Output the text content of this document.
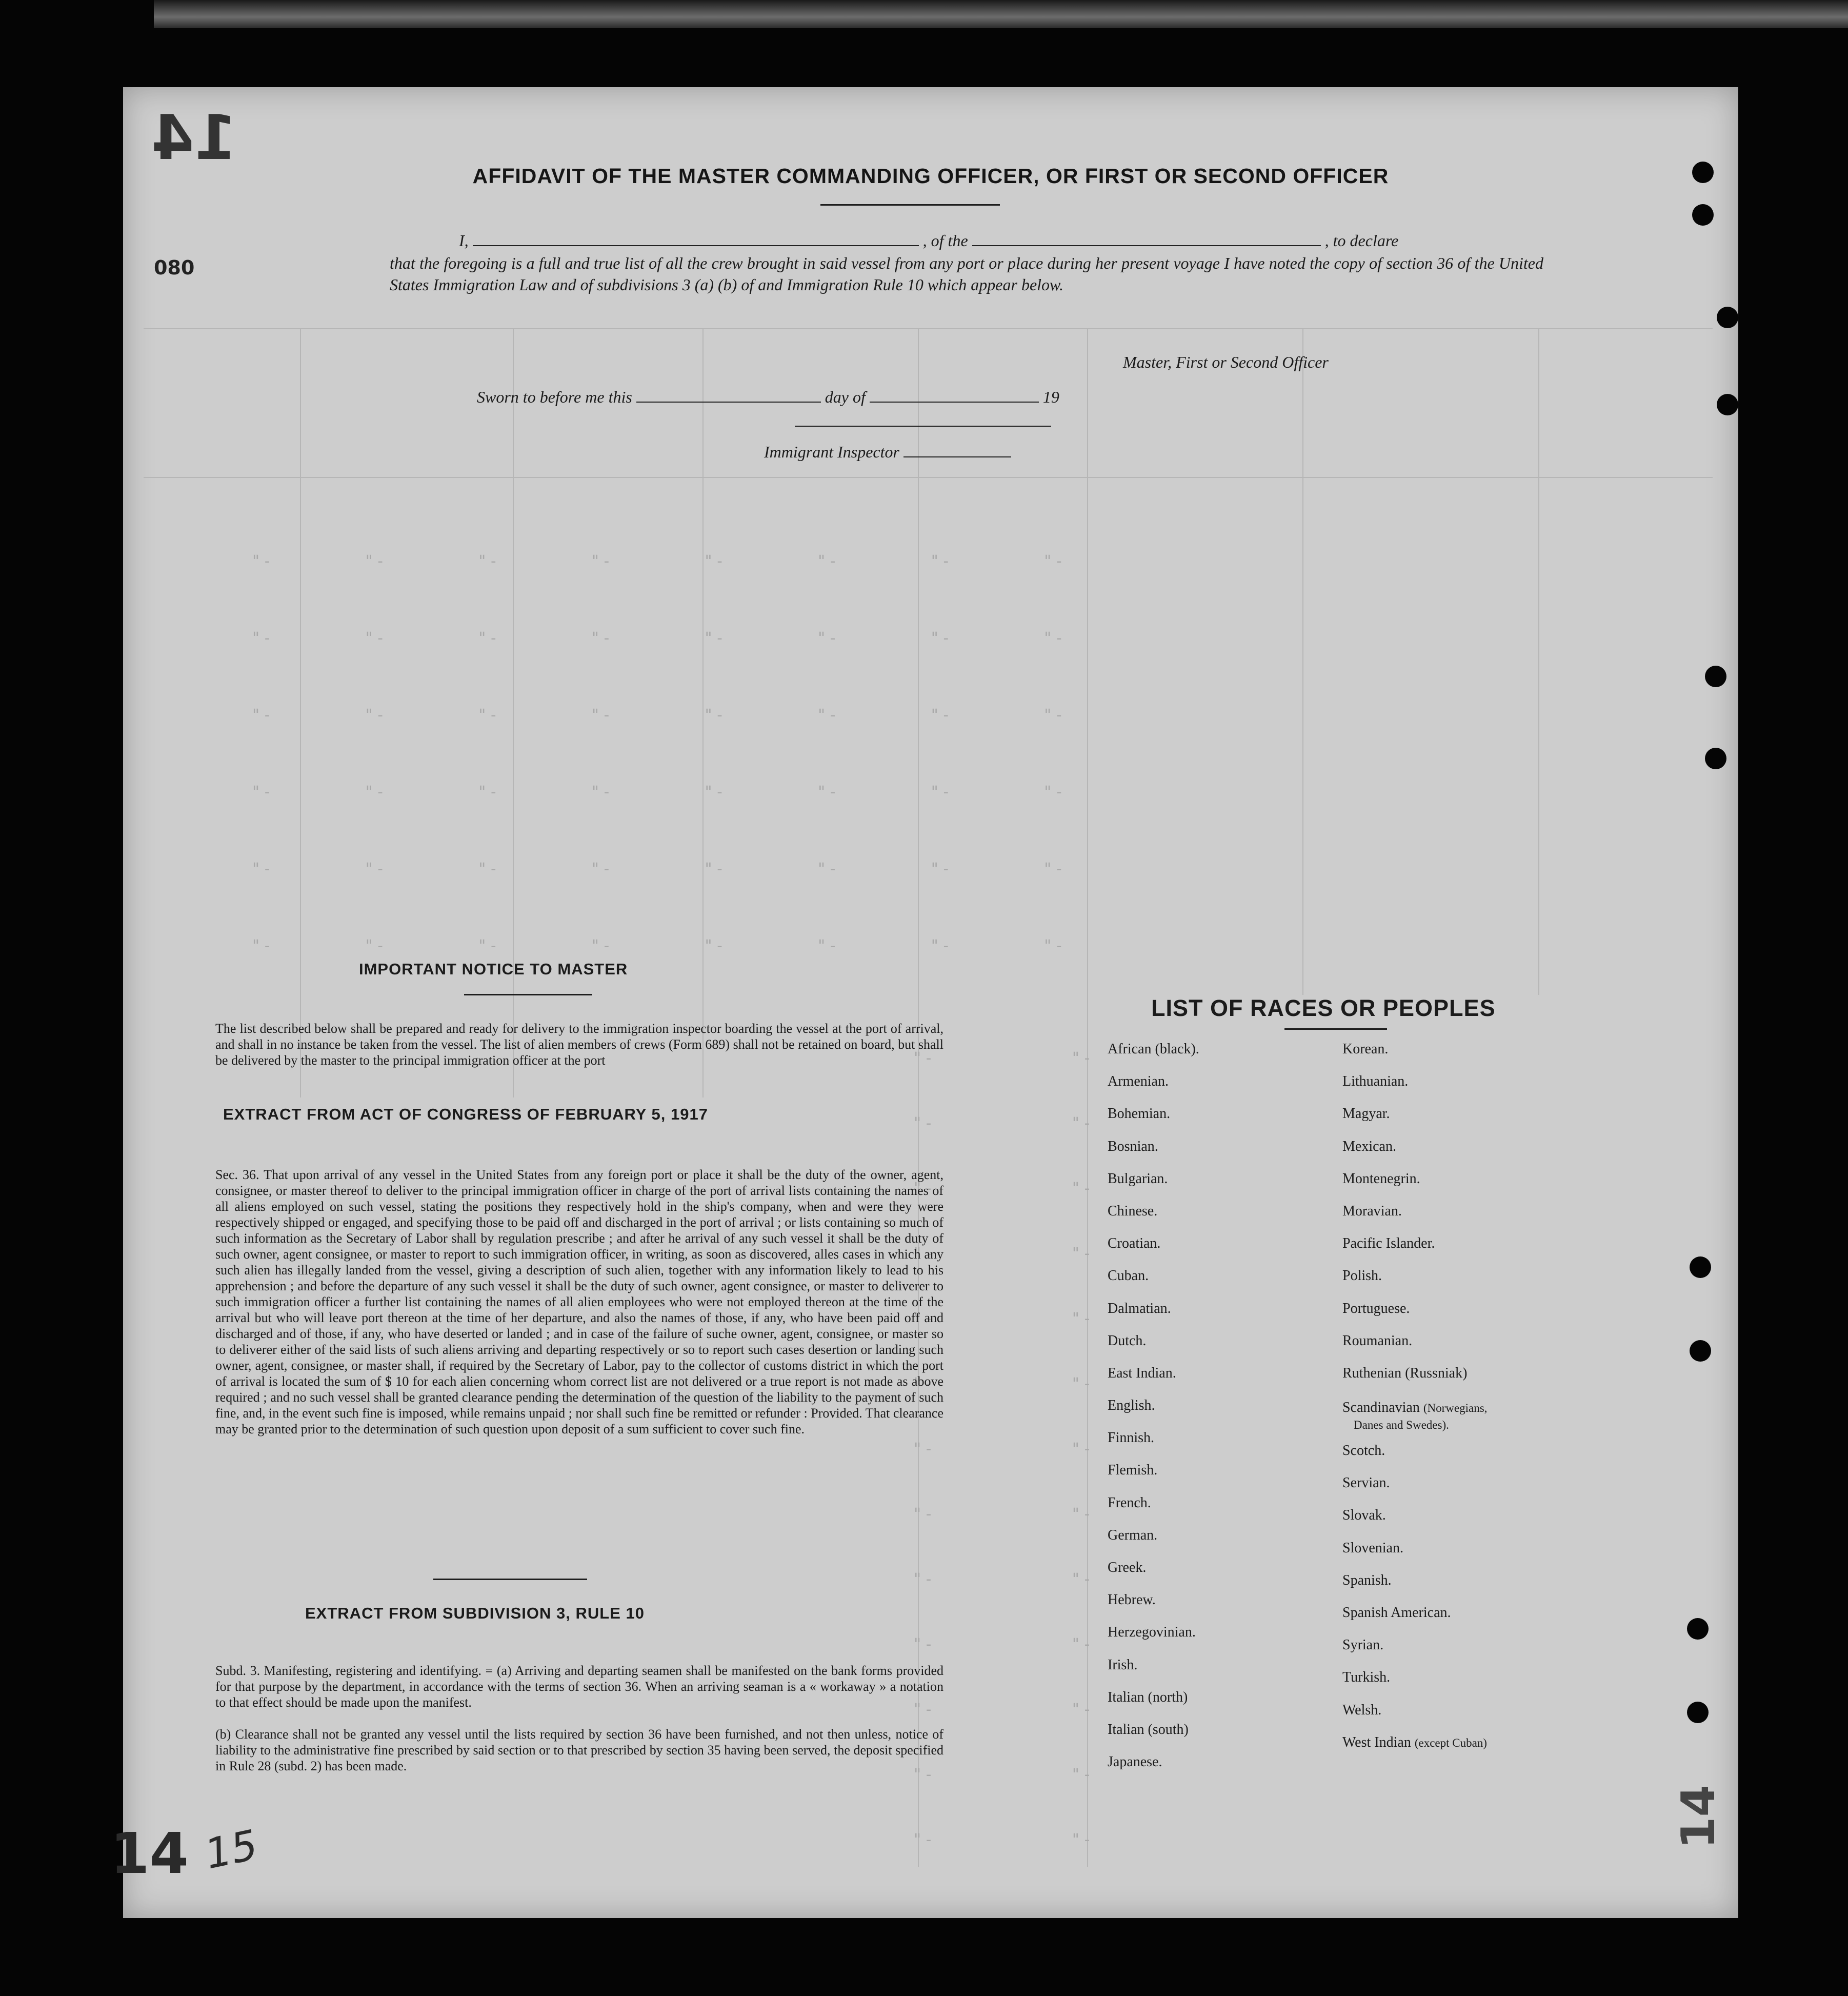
14
080
AFFIDAVIT OF THE MASTER COMMANDING OFFICER, OR FIRST OR SECOND OFFICER
I,	, of the	, to declare
that the foregoing is a full and true list of all the crew brought in said vessel from any port or place during her present voyage I have noted the copy of section 36 of the United States Immigration Law and of subdivisions 3 (a) (b) of and Immigration Rule 10 which appear below.
Master, First or Second Officer
Sworn to before me this	day of	19
Immigrant Inspector
"-        "-        "-        "-        "-        "-        "-        "-
"-        "-        "-        "-        "-        "-        "-        "-
"-        "-        "-        "-        "-        "-        "-        "-
"-        "-        "-        "-        "-        "-        "-        "-
"-        "-        "-        "-        "-        "-        "-        "-
"-        "-        "-        "-        "-        "-        "-        "-
"-            "-
"-            "-
"-            "-
"-            "-
"-            "-
"-            "-
"-            "-
"-            "-
"-            "-
"-            "-
"-            "-
"-            "-
"-            "-
IMPORTANT NOTICE TO MASTER
The list described below shall be prepared and ready for delivery to the immigration inspector boarding the vessel at the port of arrival, and shall in no instance be taken from the vessel. The list of alien members of crews (Form 689) shall not be retained on board, but shall be delivered by the master to the principal immigration officer at the port
EXTRACT FROM ACT OF CONGRESS OF FEBRUARY 5, 1917
Sec. 36. That upon arrival of any vessel in the United States from any foreign port or place it shall be the duty of the owner, agent, consignee, or master thereof to deliver to the principal immigration officer in charge of the port of arrival lists containing the names of all aliens employed on such vessel, stating the positions they respectively hold in the ship's company, when and were they were respectively shipped or engaged, and specifying those to be paid off and discharged in the port of arrival ; or lists containing so much of such information as the Secretary of Labor shall by regulation prescribe ; and after he arrival of any such vessel it shall be the duty of such owner, agent consignee, or master to report to such immigration officer, in writing, as soon as discovered, alles cases in which any such alien has illegally landed from the vessel, giving a description of such alien, together with any information likely to lead to his apprehension ; and before the departure of any such vessel it shall be the duty of such owner, agent consignee, or master to deliverer to such immigration officer a further list containing the names of all alien employees who were not employed thereon at the time of the arrival but who will leave port thereon at the time of her departure, and also the names of those, if any, who have been paid off and discharged and of those, if any, who have deserted or landed ; and in case of the failure of suche owner, agent, consignee, or master so to deliverer either of the said lists of such aliens arriving and departing respectively or so to report such cases desertion or landing such owner, agent, consignee, or master shall, if required by the Secretary of Labor, pay to the collector of customs district in which the port of arrival is located the sum of $ 10 for each alien concerning whom correct list are not delivered or a true report is not made as above required ; and no such vessel shall be granted clearance pending the determination of the question of the liability to the payment of such fine, and, in the event such fine is imposed, while remains unpaid ; nor shall such fine be remitted or refunder : Provided. That clearance may be granted prior to the determination of such question upon deposit of a sum sufficient to cover such fine.
EXTRACT FROM SUBDIVISION 3, RULE 10
Subd. 3. Manifesting, registering and identifying. = (a) Arriving and departing seamen shall be manifested on the bank forms provided for that purpose by the department, in accordance with the terms of section 36. When an arriving seaman is a « workaway » a notation to that effect should be made upon the manifest.
(b) Clearance shall not be granted any vessel until the lists required by section 36 have been furnished, and not then unless, notice of liability to the administrative fine prescribed by said section or to that prescribed by section 35 having been served, the deposit specified in Rule 28 (subd. 2) has been made.
LIST OF RACES OR PEOPLES
African (black).
Armenian.
Bohemian.
Bosnian.
Bulgarian.
Chinese.
Croatian.
Cuban.
Dalmatian.
Dutch.
East Indian.
English.
Finnish.
Flemish.
French.
German.
Greek.
Hebrew.
Herzegovinian.
Irish.
Italian (north)
Italian (south)
Japanese.
Korean.
Lithuanian.
Magyar.
Mexican.
Montenegrin.
Moravian.
Pacific Islander.
Polish.
Portuguese.
Roumanian.
Ruthenian (Russniak)
Scandinavian (Norwegians,
Danes and Swedes).
Scotch.
Servian.
Slovak.
Slovenian.
Spanish.
Spanish American.
Syrian.
Turkish.
Welsh.
West Indian (except Cuban)
14 15
14
